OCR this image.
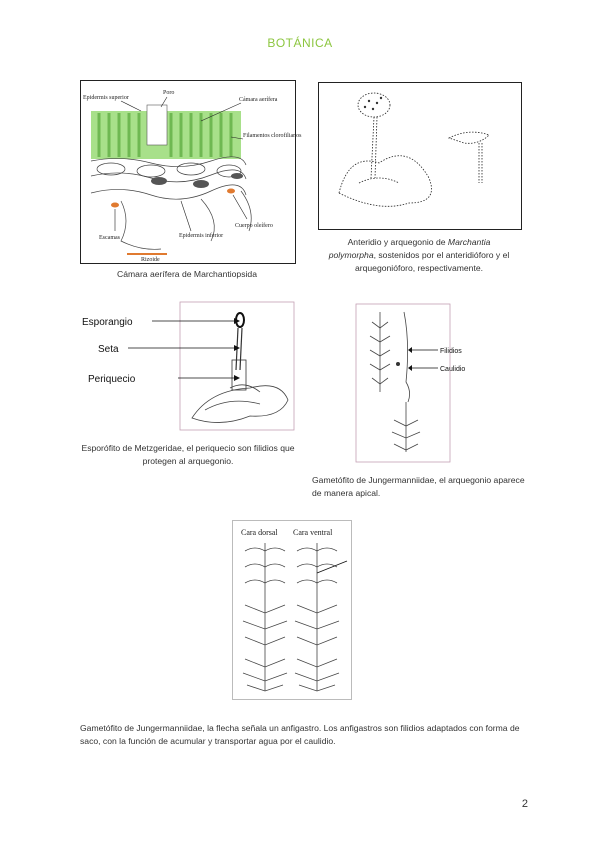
BOTÁNICA
Epidermis superior
Poro
Cámara aerífera
Filamentos clorofilianos
Escamas	Epidermis inferior
Cuerpo oleífero
Rizoide
Cámara aerífera de Marchantiopsida
Anteridio y arquegonio de Marchantia
polymorpha, sostenidos por el anteridióforo y el arquegonióforo, respectivamente.
Esporangio
Seta
Periquecio
Esporófito de Metzgeridae, el periquecio son filidios que protegen al arquegonio.
Filidios
Caulidio
Gametófito de Jungermanniidae, el arquegonio aparece de manera apical.
Cara dorsal Cara ventral
Gametófito de Jungermanniidae, la flecha señala un anfigastro. Los anfigastros son filidios adaptados con forma de saco, con la función de acumular y transportar agua por el caulidio.
2
